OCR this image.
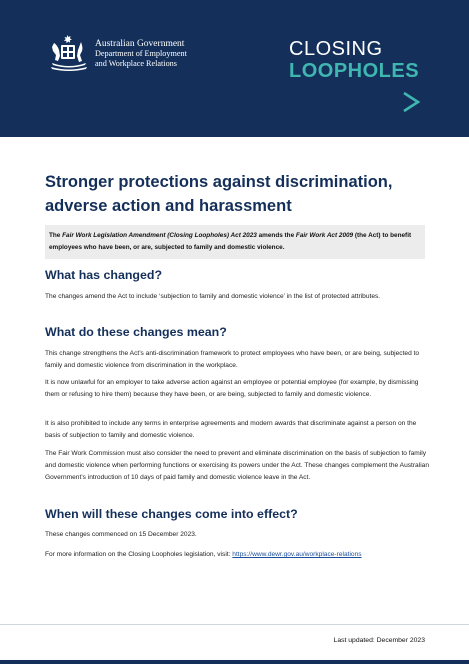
Australian Government
Department of Employment
and Workplace Relations
CLOSING
LOOPHOLES
Stronger protections against discrimination, adverse action and harassment

The Fair Work Legislation Amendment (Closing Loopholes) Act 2023 amends the Fair Work Act 2009 (the Act) to benefit employees who have been, or are, subjected to family and domestic violence.

What has changed?

The changes amend the Act to include ‘subjection to family and domestic violence’ in the list of protected attributes.

What do these changes mean?

This change strengthens the Act’s anti-discrimination framework to protect employees who have been, or are being, subjected to family and domestic violence from discrimination in the workplace.

It is now unlawful for an employer to take adverse action against an employee or potential employee (for example, by dismissing them or refusing to hire them) because they have been, or are being, subjected to family and domestic violence.

It is also prohibited to include any terms in enterprise agreements and modern awards that discriminate against a person on the basis of subjection to family and domestic violence.

The Fair Work Commission must also consider the need to prevent and eliminate discrimination on the basis of subjection to family and domestic violence when performing functions or exercising its powers under the Act. These changes complement the Australian Government’s introduction of 10 days of paid family and domestic violence leave in the Act.

When will these changes come into effect?

These changes commenced on 15 December 2023.

For more information on the Closing Loopholes legislation, visit: https://www.dewr.gov.au/workplace-relations

Last updated: December 2023
